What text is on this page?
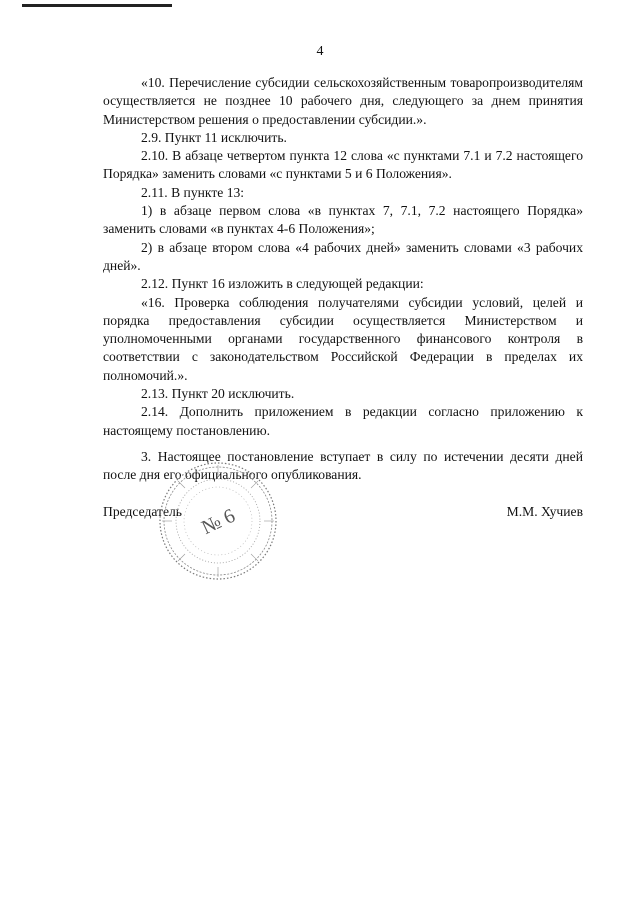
4

«10. Перечисление субсидии сельскохозяйственным товаропроизводителям осуществляется не позднее 10 рабочего дня, следующего за днем принятия Министерством решения о предоставлении субсидии.».

2.9. Пункт 11 исключить.

2.10. В абзаце четвертом пункта 12 слова «с пунктами 7.1 и 7.2 настоящего Порядка» заменить словами «с пунктами 5 и 6 Положения».

2.11. В пункте 13:

1) в абзаце первом слова «в пунктах 7, 7.1, 7.2 настоящего Порядка» заменить словами «в пунктах 4-6 Положения»;

2) в абзаце втором слова «4 рабочих дней» заменить словами «3 рабочих дней».

2.12. Пункт 16 изложить в следующей редакции:

«16. Проверка соблюдения получателями субсидии условий, целей и порядка предоставления субсидии осуществляется Министерством и уполномоченными органами государственного финансового контроля в соответствии с законодательством Российской Федерации в пределах их полномочий.».

2.13. Пункт 20 исключить.

2.14. Дополнить приложением в редакции согласно приложению к настоящему постановлению.

3. Настоящее постановление вступает в силу по истечении десяти дней после дня его официального опубликования.

Председатель	М.М. Хучиев
№ 6
